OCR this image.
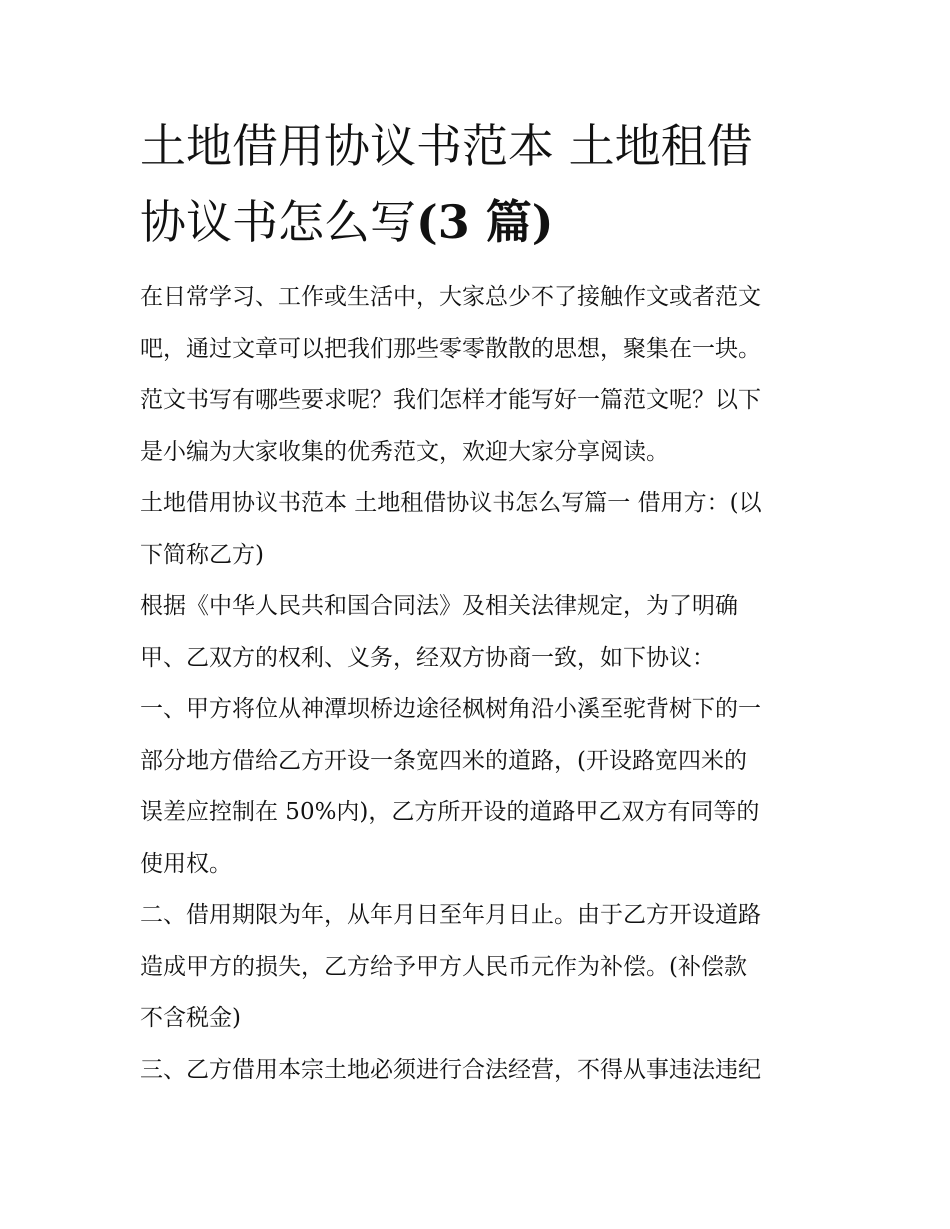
土地借用协议书范本 土地租借
协议书怎么写(3 篇)
在日常学习、工作或生活中，大家总少不了接触作文或者范文
吧，通过文章可以把我们那些零零散散的思想，聚集在一块。
范文书写有哪些要求呢？我们怎样才能写好一篇范文呢？以下
是小编为大家收集的优秀范文，欢迎大家分享阅读。
土地借用协议书范本 土地租借协议书怎么写篇一 借用方：(以
下简称乙方)
根据《中华人民共和国合同法》及相关法律规定，为了明确
甲、乙双方的权利、义务，经双方协商一致，如下协议：
一、甲方将位从神潭坝桥边途径枫树角沿小溪至驼背树下的一
部分地方借给乙方开设一条宽四米的道路，(开设路宽四米的
误差应控制在 50%内)，乙方所开设的道路甲乙双方有同等的
使用权。
二、借用期限为年，从年月日至年月日止。由于乙方开设道路
造成甲方的损失，乙方给予甲方人民币元作为补偿。(补偿款
不含税金)
三、乙方借用本宗土地必须进行合法经营，不得从事违法违纪
